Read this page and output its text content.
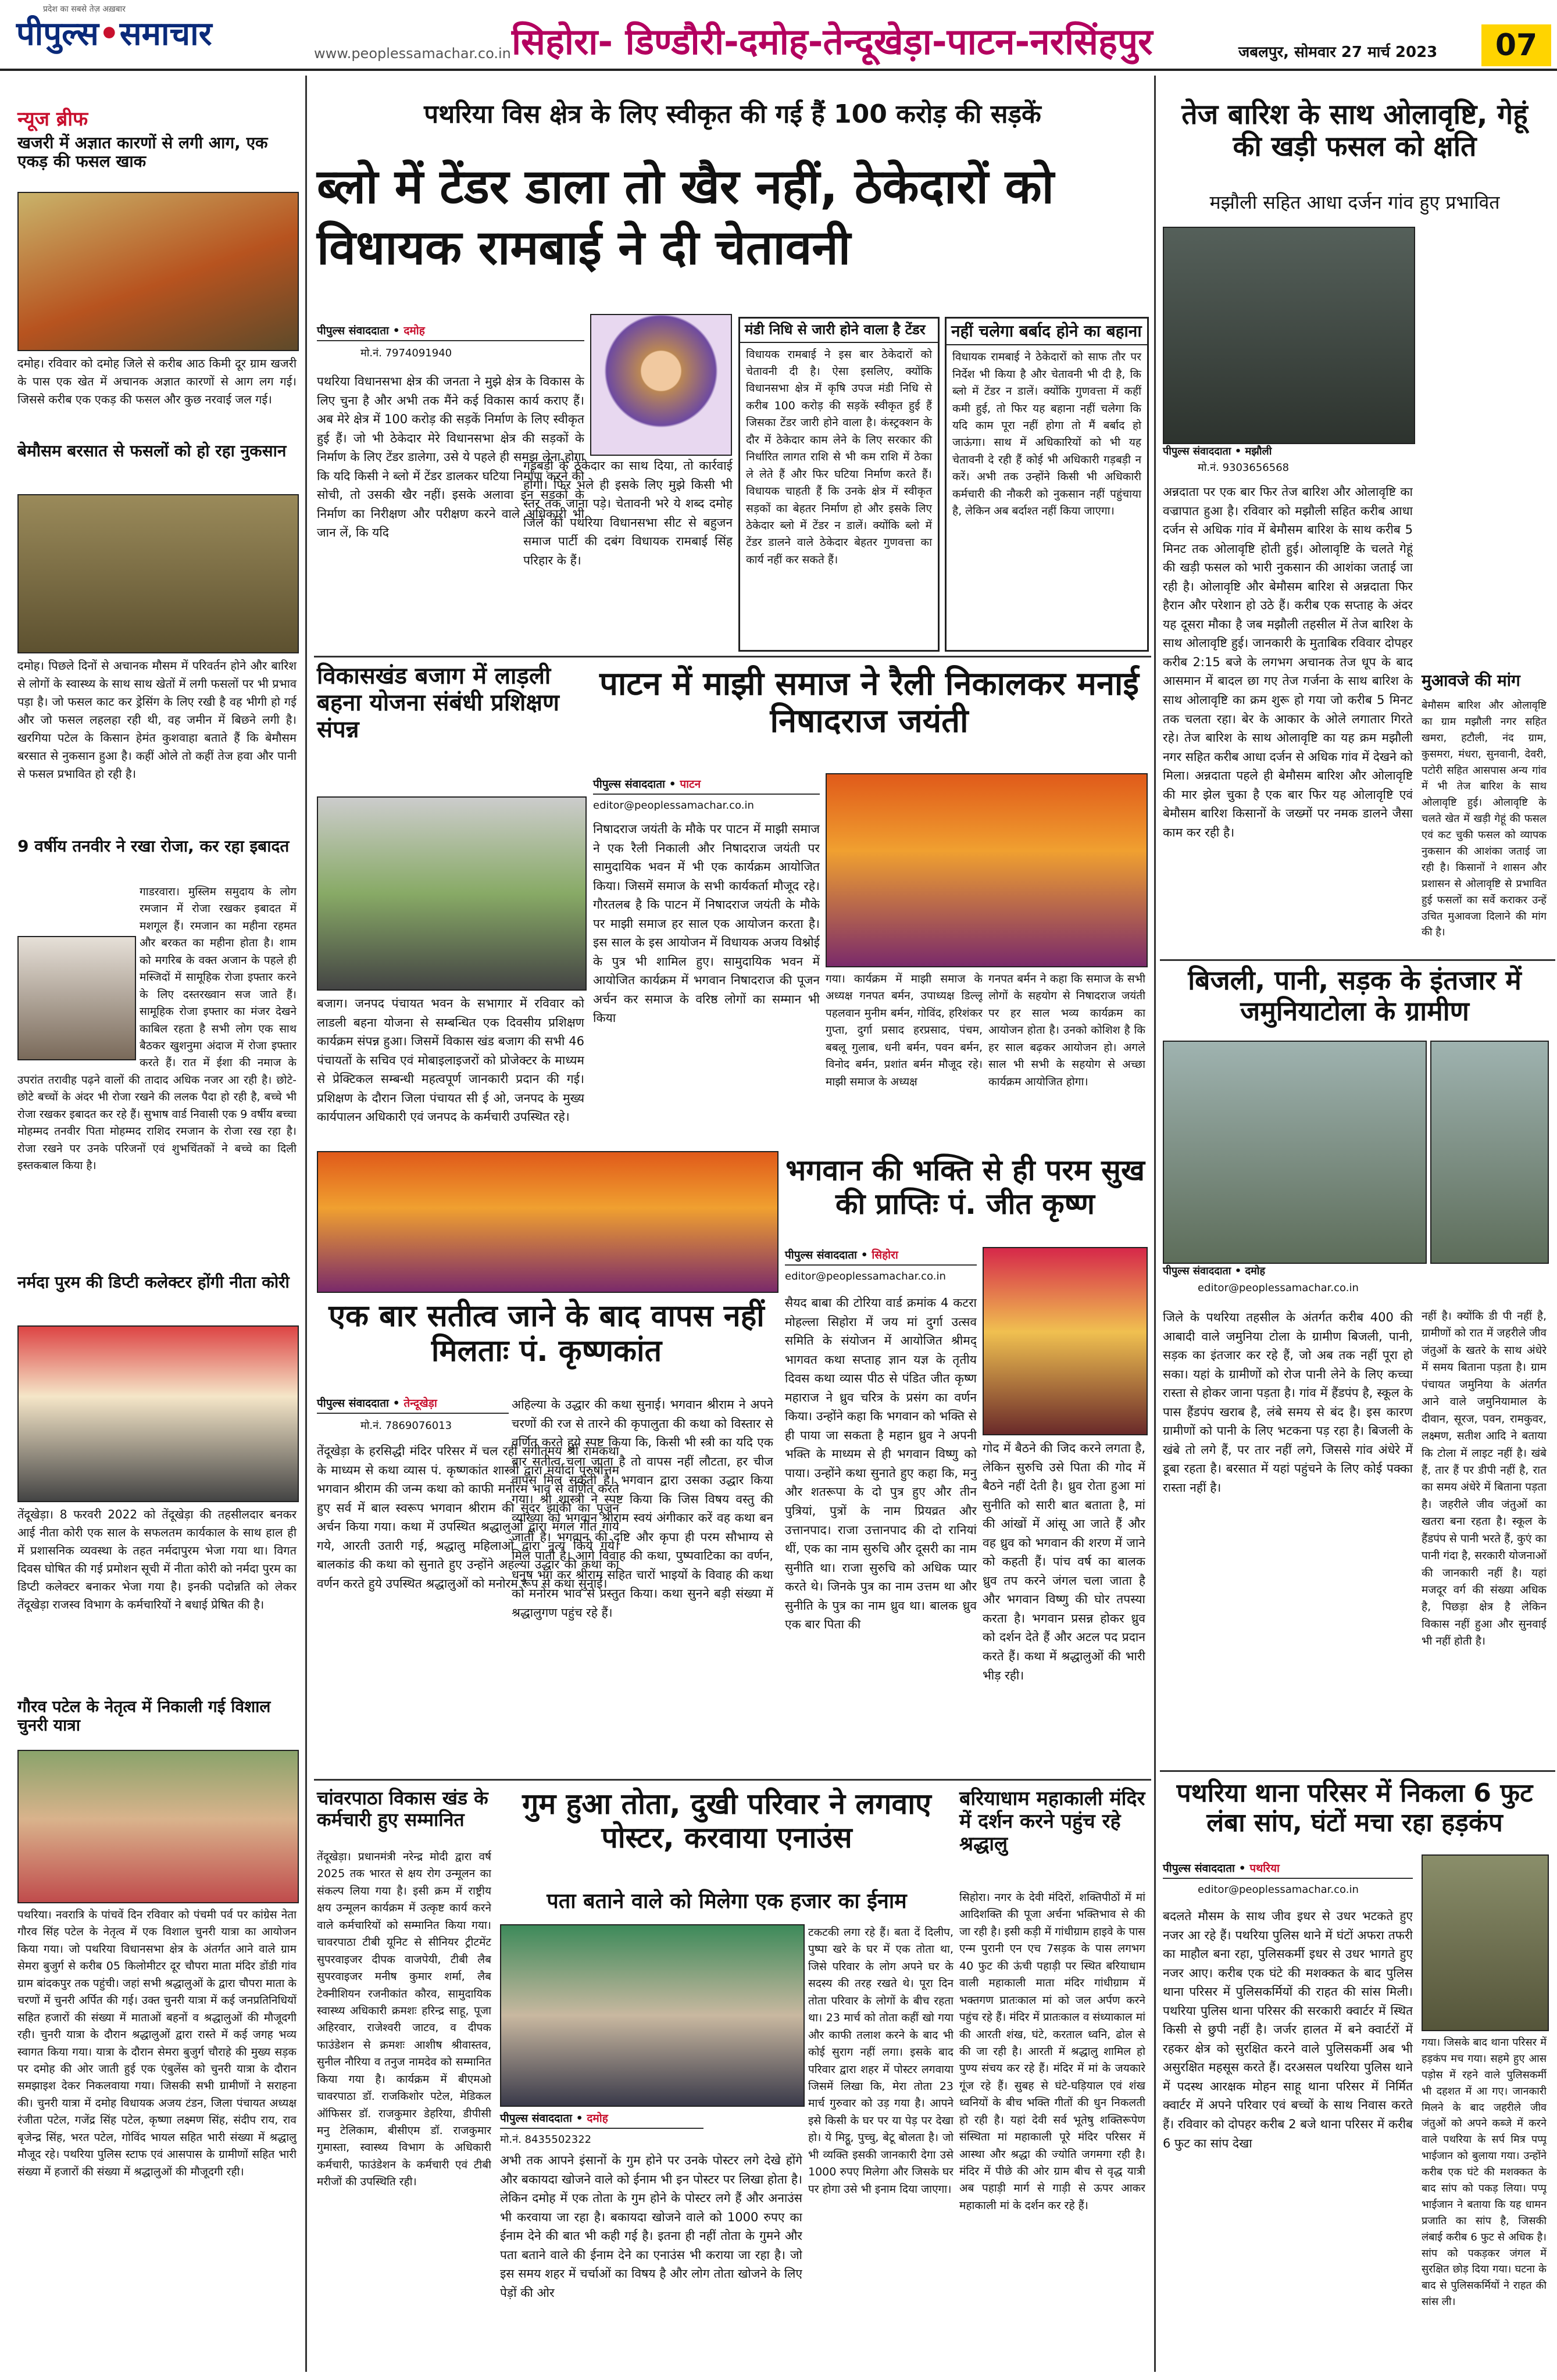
प्रदेश का सबसे तेज़ अख़बार
पीपुल्स•समाचार
www.peoplessamachar.co.in सिहोरा- डिण्डौरी-दमोह-तेन्दूखेड़ा-पाटन-नरसिंहपुर	जबलपुर, सोमवार 27 मार्च 2023	07
न्यूज ब्रीफ
खजरी में अज्ञात कारणों से लगी आग, एक एकड़ की फसल खाक
दमोह। रविवार को दमोह जिले से करीब आठ किमी दूर ग्राम खजरी के पास एक खेत में अचानक अज्ञात कारणों से आग लग गई। जिससे करीब एक एकड़ की फसल और कुछ नरवाई जल गई।
बेमौसम बरसात से फसलों को हो रहा नुकसान
दमोह। पिछले दिनों से अचानक मौसम में परिवर्तन होने और बारिश से लोगों के स्वास्थ्य के साथ साथ खेतों में लगी फसलों पर भी प्रभाव पड़ा है। जो फसल काट कर ड्रेसिंग के लिए रखी है वह भीगी हो गई और जो फसल लहलहा रही थी, वह जमीन में बिछने लगी है। खरगिया पटेल के किसान हेमंत कुशवाहा बताते हैं कि बेमौसम बरसात से नुकसान हुआ है। कहीं ओले तो कहीं तेज हवा और पानी से फसल प्रभावित हो रही है।
9 वर्षीय तनवीर ने रखा रोजा, कर रहा इबादत
गाडरवारा। मुस्लिम समुदाय के लोग रमजान में रोजा रखकर इबादत में मशगूल हैं। रमजान का महीना रहमत और बरकत का महीना होता है। शाम को मगरिब के वक्त अजान के पहले ही मस्जिदों में सामूहिक रोजा इफ्तार करने के लिए दस्तरख्वान सज जाते हैं। सामूहिक रोजा इफ्तार का मंजर देखने काबिल रहता है सभी लोग एक साथ बैठकर खुशनुमा अंदाज में रोजा इफ्तार करते हैं। रात में ईशा की नमाज के उपरांत तरावीह पढ़ने वालों की तादाद अधिक नजर आ रही है। छोटे-छोटे बच्चों के अंदर भी रोजा रखने की ललक पैदा हो रही है, बच्चे भी रोजा रखकर इबादत कर रहे हैं। सुभाष वार्ड निवासी एक 9 वर्षीय बच्चा मोहम्मद तनवीर पिता मोहम्मद राशिद रमजान के रोजा रख रहा है। रोजा रखने पर उनके परिजनों एवं शुभचिंतकों ने बच्चे का दिली इस्तकबाल किया है।
नर्मदा पुरम की डिप्टी कलेक्टर होंगी नीता कोरी
तेंदूखेड़ा। 8 फरवरी 2022 को तेंदूखेड़ा की तहसीलदार बनकर आई नीता कोरी एक साल के सफलतम कार्यकाल के साथ हाल ही में प्रशासनिक व्यवस्था के तहत नर्मदापुरम भेजा गया था। विगत दिवस घोषित की गई प्रमोशन सूची में नीता कोरी को नर्मदा पुरम का डिप्टी कलेक्टर बनाकर भेजा गया है। इनकी पदोन्नति को लेकर तेंदूखेड़ा राजस्व विभाग के कर्मचारियों ने बधाई प्रेषित की है।
गौरव पटेल के नेतृत्व में निकाली गई विशाल चुनरी यात्रा
पथरिया। नवरात्रि के पांचवें दिन रविवार को पंचमी पर्व पर कांग्रेस नेता गौरव सिंह पटेल के नेतृत्व में एक विशाल चुनरी यात्रा का आयोजन किया गया। जो पथरिया विधानसभा क्षेत्र के अंतर्गत आने वाले ग्राम सेमरा बुजुर्ग से करीब 05 किलोमीटर दूर चौपरा माता मंदिर डोंडी गांव ग्राम बांदकपुर तक पहुंची। जहां सभी श्रद्धालुओं के द्वारा चौपरा माता के चरणों में चुनरी अर्पित की गई। उक्त चुनरी यात्रा में कई जनप्रतिनिधियों सहित हजारों की संख्या में माताओं बहनों व श्रद्धालुओं की मौजूदगी रही। चुनरी यात्रा के दौरान श्रद्धालुओं द्वारा रास्ते में कई जगह भव्य स्वागत किया गया। यात्रा के दौरान सेमरा बुजुर्ग चौराहे की मुख्य सड़क पर दमोह की ओर जाती हुई एक एंबुलेंस को चुनरी यात्रा के दौरान समझाइश देकर निकलवाया गया। जिसकी सभी ग्रामीणों ने सराहना की। चुनरी यात्रा में दमोह विधायक अजय टंडन, जिला पंचायत अध्यक्ष रंजीता पटेल, गजेंद्र सिंह पटेल, कृष्णा लक्ष्मण सिंह, संदीप राय, राव बृजेन्द्र सिंह, भरत पटेल, गोविंद भायल सहित भारी संख्या में श्रद्धालु मौजूद रहे। पथरिया पुलिस स्टाफ एवं आसपास के ग्रामीणों सहित भारी संख्या में हजारों की संख्या में श्रद्धालुओं की मौजूदगी रही।
पथरिया विस क्षेत्र के लिए स्वीकृत की गई हैं 100 करोड़ की सड़कें
ब्लो में टेंडर डाला तो खैर नहीं, ठेकेदारों को विधायक रामबाई ने दी चेतावनी
पीपुल्स संवाददाता • दमोह
मो.नं. 7974091940
पथरिया विधानसभा क्षेत्र की जनता ने मुझे क्षेत्र के विकास के लिए चुना है और अभी तक मैंने कई विकास कार्य कराए हैं। अब मेरे क्षेत्र में 100 करोड़ की सड़कें निर्माण के लिए स्वीकृत हुई हैं। जो भी ठेकेदार मेरे विधानसभा क्षेत्र की सड़कों के निर्माण के लिए टेंडर डालेगा, उसे ये पहले ही समझ लेना होगा कि यदि किसी ने ब्लो में टेंडर डालकर घटिया निर्माण करने की सोची, तो उसकी खैर नहीं। इसके अलावा इन सड़कों के निर्माण का निरीक्षण और परीक्षण करने वाले अधिकारी भी जान लें, कि यदि
गड़बड़ी के ठेकेदार का साथ दिया, तो कार्रवाई होगी। फिर भले ही इसके लिए मुझे किसी भी स्तर तक जाना पड़े। चेतावनी भरे ये शब्द दमोह जिले की पथरिया विधानसभा सीट से बहुजन समाज पार्टी की दबंग विधायक रामबाई सिंह परिहार के हैं।
मंडी निधि से जारी होने वाला है टेंडर
विधायक रामबाई ने इस बार ठेकेदारों को चेतावनी दी है। ऐसा इसलिए, क्योंकि विधानसभा क्षेत्र में कृषि उपज मंडी निधि से करीब 100 करोड़ की सड़कें स्वीकृत हुई हैं जिसका टेंडर जारी होने वाला है। कंस्ट्रक्शन के दौर में ठेकेदार काम लेने के लिए सरकार की निर्धारित लागत राशि से भी कम राशि में ठेका ले लेते हैं और फिर घटिया निर्माण करते हैं। विधायक चाहती हैं कि उनके क्षेत्र में स्वीकृत सड़कों का बेहतर निर्माण हो और इसके लिए ठेकेदार ब्लो में टेंडर न डालें। क्योंकि ब्लो में टेंडर डालने वाले ठेकेदार बेहतर गुणवत्ता का कार्य नहीं कर सकते हैं।
नहीं चलेगा बर्बाद होने का बहाना
विधायक रामबाई ने ठेकेदारों को साफ तौर पर निर्देश भी किया है और चेतावनी भी दी है, कि ब्लो में टेंडर न डालें। क्योंकि गुणवत्ता में कहीं कमी हुई, तो फिर यह बहाना नहीं चलेगा कि यदि काम पूरा नहीं होगा तो मैं बर्बाद हो जाऊंगा। साथ में अधिकारियों को भी यह चेतावनी दे रही हैं कोई भी अधिकारी गड़बड़ी न करें। अभी तक उन्होंने किसी भी अधिकारी कर्मचारी की नौकरी को नुकसान नहीं पहुंचाया है, लेकिन अब बर्दाश्त नहीं किया जाएगा।
विकासखंड बजाग में लाड़ली बहना योजना संबंधी प्रशिक्षण संपन्न
बजाग। जनपद पंचायत भवन के सभागार में रविवार को लाडली बहना योजना से सम्बन्धित एक दिवसीय प्रशिक्षण कार्यक्रम संपन्न हुआ। जिसमें विकास खंड बजाग की सभी 46 पंचायतों के सचिव एवं मोबाइलाइजरों को प्रोजेक्टर के माध्यम से प्रेक्टिकल सम्बन्धी महत्वपूर्ण जानकारी प्रदान की गई। प्रशिक्षण के दौरान जिला पंचायत सी ई ओ, जनपद के मुख्य कार्यपालन अधिकारी एवं जनपद के कर्मचारी उपस्थित रहे।
पाटन में माझी समाज ने रैली निकालकर मनाई निषादराज जयंती
पीपुल्स संवाददाता • पाटन
editor@peoplessamachar.co.in
निषादराज जयंती के मौके पर पाटन में माझी समाज ने एक रैली निकाली और निषादराज जयंती पर सामुदायिक भवन में भी एक कार्यक्रम आयोजित किया। जिसमें समाज के सभी कार्यकर्ता मौजूद रहे। गौरतलब है कि पाटन में निषादराज जयंती के मौके पर माझी समाज हर साल एक आयोजन करता है। इस साल के इस आयोजन में विधायक अजय विश्नोई के पुत्र भी शामिल हुए। सामुदायिक भवन में आयोजित कार्यक्रम में भगवान निषादराज की पूजन अर्चन कर समाज के वरिष्ठ लोगों का सम्मान भी किया
गया। कार्यक्रम में माझी समाज के अध्यक्ष गनपत बर्मन, उपाध्यक्ष डिल्लू पहलवान मुनीम बर्मन, गोविंद, हरिशंकर गुप्ता, दुर्गा प्रसाद हरप्रसाद, पंचम, बबलू गुलाब, धनी बर्मन, पवन बर्मन, विनोद बर्मन, प्रशांत बर्मन मौजूद रहे। माझी समाज के अध्यक्ष
गनपत बर्मन ने कहा कि समाज के सभी लोगों के सहयोग से निषादराज जयंती पर हर साल भव्य कार्यक्रम का आयोजन होता है। उनको कोशिश है कि हर साल बढ़कर आयोजन हो। अगले साल भी सभी के सहयोग से अच्छा कार्यक्रम आयोजित होगा।
भगवान की भक्ति से ही परम सुख की प्राप्तिः पं. जीत कृष्ण
पीपुल्स संवाददाता • सिहोरा
editor@peoplessamachar.co.in
सैयद बाबा की टोरिया वार्ड क्रमांक 4 कटरा मोहल्ला सिहोरा में जय मां दुर्गा उत्सव समिति के संयोजन में आयोजित श्रीमद् भागवत कथा सप्ताह ज्ञान यज्ञ के तृतीय दिवस कथा व्यास पीठ से पंडित जीत कृष्ण महाराज ने ध्रुव चरित्र के प्रसंग का वर्णन किया। उन्होंने कहा कि भगवान को भक्ति से ही पाया जा सकता है महान ध्रुव ने अपनी भक्ति के माध्यम से ही भगवान विष्णु को पाया। उन्होंने कथा सुनाते हुए कहा कि, मनु और शतरूपा के दो पुत्र हुए और तीन पुत्रियां, पुत्रों के नाम प्रियव्रत और उत्तानपाद। राजा उत्तानपाद की दो रानियां थीं, एक का नाम सुरुचि और दूसरी का नाम सुनीति था। राजा सुरुचि को अधिक प्यार करते थे। जिनके पुत्र का नाम उत्तम था और सुनीति के पुत्र का नाम ध्रुव था। बालक ध्रुव एक बार पिता की
गोद में बैठने की जिद करने लगता है, लेकिन सुरुचि उसे पिता की गोद में बैठने नहीं देती है। ध्रुव रोता हुआ मां सुनीति को सारी बात बताता है, मां की आंखों में आंसू आ जाते हैं और वह ध्रुव को भगवान की शरण में जाने को कहती हैं। पांच वर्ष का बालक ध्रुव तप करने जंगल चला जाता है और भगवान विष्णु की घोर तपस्या करता है। भगवान प्रसन्न होकर ध्रुव को दर्शन देते हैं और अटल पद प्रदान करते हैं। कथा में श्रद्धालुओं की भारी भीड़ रही।
एक बार सतीत्व जाने के बाद वापस नहीं मिलताः पं. कृष्णकांत
पीपुल्स संवाददाता • तेन्दूखेड़ा
मो.नं. 7869076013
तेंदूखेड़ा के हरसिद्धी मंदिर परिसर में चल रही संगीतमय श्री रामकथा के माध्यम से कथा व्यास पं. कृष्णकांत शास्त्री द्वारा मर्यादा पुरुषोत्तम भगवान श्रीराम की जन्म कथा को काफी मनोरम भाव से वर्णित करते हुए सर्व में बाल स्वरूप भगवान श्रीराम की सुंदर झांकी का पूजन अर्चन किया गया। कथा में उपस्थित श्रद्धालुओं द्वारा मंगल गीत गाये गये, आरती उतारी गई, श्रद्धालु महिलाओं द्वारा नृत्य किये गये। बालकांड की कथा को सुनाते हुए उन्होंने अहल्या उद्धार की कथा का वर्णन करते हुये उपस्थित श्रद्धालुओं को मनोरम रूप से कथा सुनाई।
अहिल्या के उद्धार की कथा सुनाई। भगवान श्रीराम ने अपने चरणों की रज से तारने की कृपालुता की कथा को विस्तार से वर्णित करते हुये स्पष्ट किया कि, किसी भी स्त्री का यदि एक बार सतीत्व चला जाता है तो वापस नहीं लौटता, हर चीज वापस मिल सकती है। भगवान द्वारा उसका उद्धार किया गया। श्री शास्त्री ने स्पष्ट किया कि जिस विषय वस्तु की व्याख्या को भगवान श्रीराम स्वयं अंगीकार करें वह कथा बन जाती है। भगवान की दृष्टि और कृपा ही परम सौभाग्य से मिल पाती है। आगे विवाह की कथा, पुष्पवाटिका का वर्णन, धनुष भंग कर श्रीराम सहित चारों भाइयों के विवाह की कथा को मनोरम भाव से प्रस्तुत किया। कथा सुनने बड़ी संख्या में श्रद्धालुगण पहुंच रहे हैं।
चांवरपाठा विकास खंड के कर्मचारी हुए सम्मानित
तेंदूखेड़ा। प्रधानमंत्री नरेन्द्र मोदी द्वारा वर्ष 2025 तक भारत से क्षय रोग उन्मूलन का संकल्प लिया गया है। इसी क्रम में राष्ट्रीय क्षय उन्मूलन कार्यक्रम में उत्कृष्ट कार्य करने वाले कर्मचारियों को सम्मानित किया गया। चावरपाठा टीबी यूनिट से सीनियर ट्रीटमेंट सुपरवाइजर दीपक वाजपेयी, टीबी लैब सुपरवाइजर मनीष कुमार शर्मा, लैब टेक्नीशियन रजनीकांत कौरव, सामुदायिक स्वास्थ्य अधिकारी क्रमशः हरिन्द्र साहू, पूजा अहिरवार, राजेश्वरी जाटव, व दीपक फाउंडेशन से क्रमशः आशीष श्रीवास्तव, सुनील नौरिया व तनुज नामदेव को सम्मानित किया गया है। कार्यक्रम में बीएमओ चावरपाठा डॉ. राजकिशोर पटेल, मेडिकल ऑफिसर डॉ. राजकुमार डेहरिया, डीपीसी मनु टेलिकाम, बीसीएम डॉ. राजकुमार गुमास्ता, स्वास्थ्य विभाग के अधिकारी कर्मचारी, फाउंडेशन के कर्मचारी एवं टीबी मरीजों की उपस्थिति रही।
गुम हुआ तोता, दुखी परिवार ने लगवाए पोस्टर, करवाया एनाउंस
पता बताने वाले को मिलेगा एक हजार का ईनाम
पीपुल्स संवाददाता • दमोह
मो.नं. 8435502322
अभी तक आपने इंसानों के गुम होने पर उनके पोस्टर लगे देखे होंगे और बकायदा खोजने वाले को ईनाम भी इन पोस्टर पर लिखा होता है। लेकिन दमोह में एक तोता के गुम होने के पोस्टर लगे हैं और अनाउंस भी करवाया जा रहा है। बकायदा खोजने वाले को 1000 रुपए का ईनाम देने की बात भी कही गई है। इतना ही नहीं तोता के गुमने और पता बताने वाले की ईनाम देने का एनाउंस भी कराया जा रहा है। जो इस समय शहर में चर्चाओं का विषय है और लोग तोता खोजने के लिए पेड़ों की ओर
टकटकी लगा रहे हैं। बता दें दिलीप, पुष्पा खरे के घर में एक तोता था, जिसे परिवार के लोग अपने घर के सदस्य की तरह रखते थे। पूरा दिन तोता परिवार के लोगों के बीच रहता था। 23 मार्च को तोता कहीं खो गया और काफी तलाश करने के बाद भी कोई सुराग नहीं लगा। इसके बाद परिवार द्वारा शहर में पोस्टर लगवाया जिसमें लिखा कि, मेरा तोता 23 मार्च गुरुवार को उड़ गया है। आपने इसे किसी के घर पर या पेड़ पर देखा हो। ये मिट्ठू, पुच्चु, बेटू बोलता है। जो भी व्यक्ति इसकी जानकारी देगा उसे 1000 रुपए मिलेगा और जिसके घर पर होगा उसे भी इनाम दिया जाएगा।
बरियाधाम महाकाली मंदिर में दर्शन करने पहुंच रहे श्रद्धालु
सिहोरा। नगर के देवी मंदिरों, शक्तिपीठों में मां आदिशक्ति की पूजा अर्चना भक्तिभाव से की जा रही है। इसी कड़ी में गांधीग्राम हाइवे के पास एन्म पुरानी एन एच 7सड़क के पास लगभग 40 फुट की ऊंची पहाड़ी पर स्थित बरियाधाम वाली महाकाली माता मंदिर गांधीग्राम में भक्तगण प्रातःकाल मां को जल अर्पण करने पहुंच रहे हैं। मंदिर में प्रातःकाल व संध्याकाल मां की आरती शंख, घंटे, करताल ध्वनि, ढोल से की जा रही है। आरती में श्रद्धालु शामिल हो पुण्य संचय कर रहे हैं। मंदिर में मां के जयकारे गूंज रहे हैं। सुबह से घंटे-घड़ियाल एवं शंख ध्वनियों के बीच भक्ति गीतों की धुन निकलती हो रही है। यहां देवी सर्व भूतेषु शक्तिरूपेण संस्थिता मां महाकाली पूरे मंदिर परिसर में आस्था और श्रद्धा की ज्योति जगमगा रही है। मंदिर में पीछे की ओर ग्राम बीच से वृद्ध यात्री अब पहाड़ी मार्ग से गाड़ी से ऊपर आकर महाकाली मां के दर्शन कर रहे हैं।
तेज बारिश के साथ ओलावृष्टि, गेहूं की खड़ी फसल को क्षति
मझौली सहित आधा दर्जन गांव हुए प्रभावित
पीपुल्स संवाददाता • मझौली
मो.नं. 9303656568
अन्नदाता पर एक बार फिर तेज बारिश और ओलावृष्टि का वज्रापात हुआ है। रविवार को मझौली सहित करीब आधा दर्जन से अधिक गांव में बेमौसम बारिश के साथ करीब 5 मिनट तक ओलावृष्टि होती हुई। ओलावृष्टि के चलते गेहूं की खड़ी फसल को भारी नुकसान की आशंका जताई जा रही है। ओलावृष्टि और बेमौसम बारिश से अन्नदाता फिर हैरान और परेशान हो उठे हैं। करीब एक सप्ताह के अंदर यह दूसरा मौका है जब मझौली तहसील में तेज बारिश के साथ ओलावृष्टि हुई। जानकारी के मुताबिक रविवार दोपहर करीब 2:15 बजे के लगभग अचानक तेज धूप के बाद आसमान में बादल छा गए तेज गर्जना के साथ बारिश के साथ ओलावृष्टि का क्रम शुरू हो गया जो करीब 5 मिनट तक चलता रहा। बेर के आकार के ओले लगातार गिरते रहे। तेज बारिश के साथ ओलावृष्टि का यह क्रम मझौली नगर सहित करीब आधा दर्जन से अधिक गांव में देखने को मिला। अन्नदाता पहले ही बेमौसम बारिश और ओलावृष्टि की मार झेल चुका है एक बार फिर यह ओलावृष्टि एवं बेमौसम बारिश किसानों के जख्मों पर नमक डालने जैसा काम कर रही है।
मुआवजे की मांग
बेमौसम बारिश और ओलावृष्टि का ग्राम मझौली नगर सहित खमरा, हटौली, नंद ग्राम, कुसमरा, मंधरा, सुनवानी, देवरी, पटोरी सहित आसपास अन्य गांव में भी तेज बारिश के साथ ओलावृष्टि हुई। ओलावृष्टि के चलते खेत में खड़ी गेहूं की फसल एवं कट चुकी फसल को व्यापक नुकसान की आशंका जताई जा रही है। किसानों ने शासन और प्रशासन से ओलावृष्टि से प्रभावित हुई फसलों का सर्वे कराकर उन्हें उचित मुआवजा दिलाने की मांग की है।
बिजली, पानी, सड़क के इंतजार में जमुनियाटोला के ग्रामीण
पीपुल्स संवाददाता • दमोह
editor@peoplessamachar.co.in
जिले के पथरिया तहसील के अंतर्गत करीब 400 की आबादी वाले जमुनिया टोला के ग्रामीण बिजली, पानी, सड़क का इंतजार कर रहे हैं, जो अब तक नहीं पूरा हो सका। यहां के ग्रामीणों को रोज पानी लेने के लिए कच्चा रास्ता से होकर जाना पड़ता है। गांव में हैंडपंप है, स्कूल के पास हैंडपंप खराब है, लंबे समय से बंद है। इस कारण ग्रामीणों को पानी के लिए भटकना पड़ रहा है। बिजली के खंबे तो लगे हैं, पर तार नहीं लगे, जिससे गांव अंधेरे में डूबा रहता है। बरसात में यहां पहुंचने के लिए कोई पक्का रास्ता नहीं है।
नहीं है। क्योंकि डी पी नहीं है, ग्रामीणों को रात में जहरीले जीव जंतुओं के खतरे के साथ अंधेरे में समय बिताना पड़ता है। ग्राम पंचायत जमुनिया के अंतर्गत आने वाले जमुनियामाल के दीवान, सूरज, पवन, रामकुवर, लक्ष्मण, सतीश आदि ने बताया कि टोला में लाइट नहीं है। खंबे हैं, तार हैं पर डीपी नहीं है, रात का समय अंधेरे में बिताना पड़ता है। जहरीले जीव जंतुओं का खतरा बना रहता है। स्कूल के हैंडपंप से पानी भरते हैं, कुएं का पानी गंदा है, सरकारी योजनाओं की जानकारी नहीं है। यहां मजदूर वर्ग की संख्या अधिक है, पिछड़ा क्षेत्र है लेकिन विकास नहीं हुआ और सुनवाई भी नहीं होती है।
पथरिया थाना परिसर में निकला 6 फुट लंबा सांप, घंटों मचा रहा हड़कंप
पीपुल्स संवाददाता • पथरिया
editor@peoplessamachar.co.in
बदलते मौसम के साथ जीव इधर से उधर भटकते हुए नजर आ रहे हैं। पथरिया पुलिस थाने में घंटों अफरा तफरी का माहौल बना रहा, पुलिसकर्मी इधर से उधर भागते हुए नजर आए। करीब एक घंटे की मशक्कत के बाद पुलिस थाना परिसर में पुलिसकर्मियों की राहत की सांस मिली। पथरिया पुलिस थाना परिसर की सरकारी क्वार्टर में स्थित किसी से छुपी नहीं है। जर्जर हालत में बने क्वार्टरों में रहकर क्षेत्र को सुरक्षित करने वाले पुलिसकर्मी अब भी असुरक्षित महसूस करते हैं। दरअसल पथरिया पुलिस थाने में पदस्थ आरक्षक मोहन साहू थाना परिसर में निर्मित क्वार्टर में अपने परिवार एवं बच्चों के साथ निवास करते हैं। रविवार को दोपहर करीब 2 बजे थाना परिसर में करीब 6 फुट का सांप देखा
गया। जिसके बाद थाना परिसर में हड़कंप मच गया। सहमे हुए आस पड़ोस में रहने वाले पुलिसकर्मी भी दहशत में आ गए। जानकारी मिलने के बाद जहरीले जीव जंतुओं को अपने कब्जे में करने वाले पथरिया के सर्प मित्र पप्पू भाईजान को बुलाया गया। उन्होंने करीब एक घंटे की मशक्कत के बाद सांप को पकड़ लिया। पप्पू भाईजान ने बताया कि यह धामन प्रजाति का सांप है, जिसकी लंबाई करीब 6 फुट से अधिक है। सांप को पकड़कर जंगल में सुरक्षित छोड़ दिया गया। घटना के बाद से पुलिसकर्मियों ने राहत की सांस ली।
